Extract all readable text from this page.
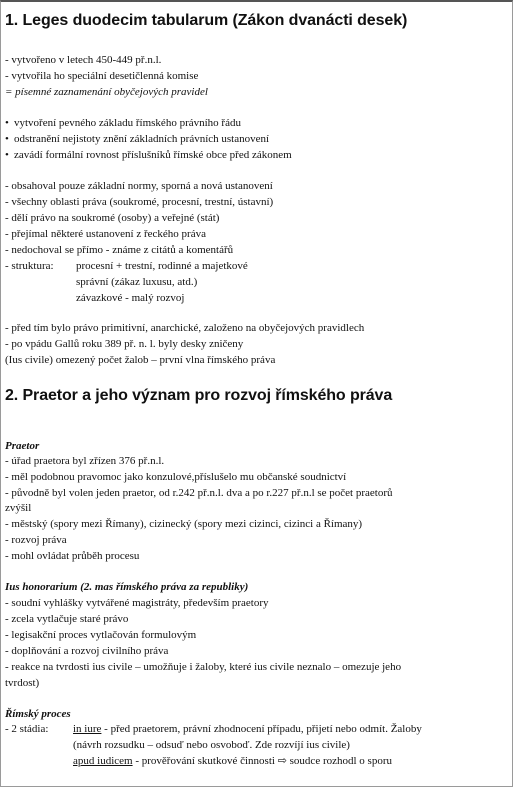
1. Leges duodecim tabularum (Zákon dvanácti desek)
- vytvořeno v letech 450-449 př.n.l.
- vytvořila ho speciální desetičlenná komise
= písemné zaznamenání obyčejových pravidel
• vytvoření pevného základu římského právního řádu
• odstranění nejistoty znění základních právních ustanovení
• zavádí formální rovnost příslušníků římské obce před zákonem
- obsahoval pouze základní normy, sporná a nová ustanovení
- všechny oblasti práva (soukromé, procesní, trestní, ústavní)
- dělí právo na soukromé (osoby) a veřejné (stát)
- přejímal některé ustanovení z řeckého práva
- nedochoval se přímo - známe z citátů a komentářů
- struktura: procesní + trestní, rodinné a majetkové
správní (zákaz luxusu, atd.)
závazkové - malý rozvoj
- před tím bylo právo primitivní, anarchické, založeno na obyčejových pravidlech
- po vpádu Gallů roku 389 př. n. l. byly desky zničeny
(Ius civile) omezený počet žalob – první vlna římského práva
2. Praetor a jeho význam pro rozvoj římského práva
Praetor
- úřad praetora byl zřízen 376 př.n.l.
- měl podobnou pravomoc jako konzulové,příslušelo mu občanské soudnictví
- původně byl volen jeden praetor, od r.242 př.n.l. dva a po r.227 př.n.l se počet praetorů
zvýšil
- městský (spory mezi Římany), cizinecký (spory mezi cizinci, cizinci a Římany)
- rozvoj práva
- mohl ovládat průběh procesu
Ius honorarium (2. mas římského práva za republiky)
- soudní vyhlášky vytvářené magistráty, především praetory
- zcela vytlačuje staré právo
- legisakční proces vytlačován formulovým
- doplňování a rozvoj civilního práva
- reakce na tvrdosti ius civile – umožňuje i žaloby, které ius civile neznalo – omezuje jeho
tvrdost)
Římský proces
- 2 stádia: in iure - před praetorem, právní zhodnocení případu, přijetí nebo odmít. Žaloby
(návrh rozsudku – odsuď nebo osvoboď. Zde rozvíjí ius civile)
apud iudicem - prověřování skutkové činnosti ⇨ soudce rozhodl o sporu
